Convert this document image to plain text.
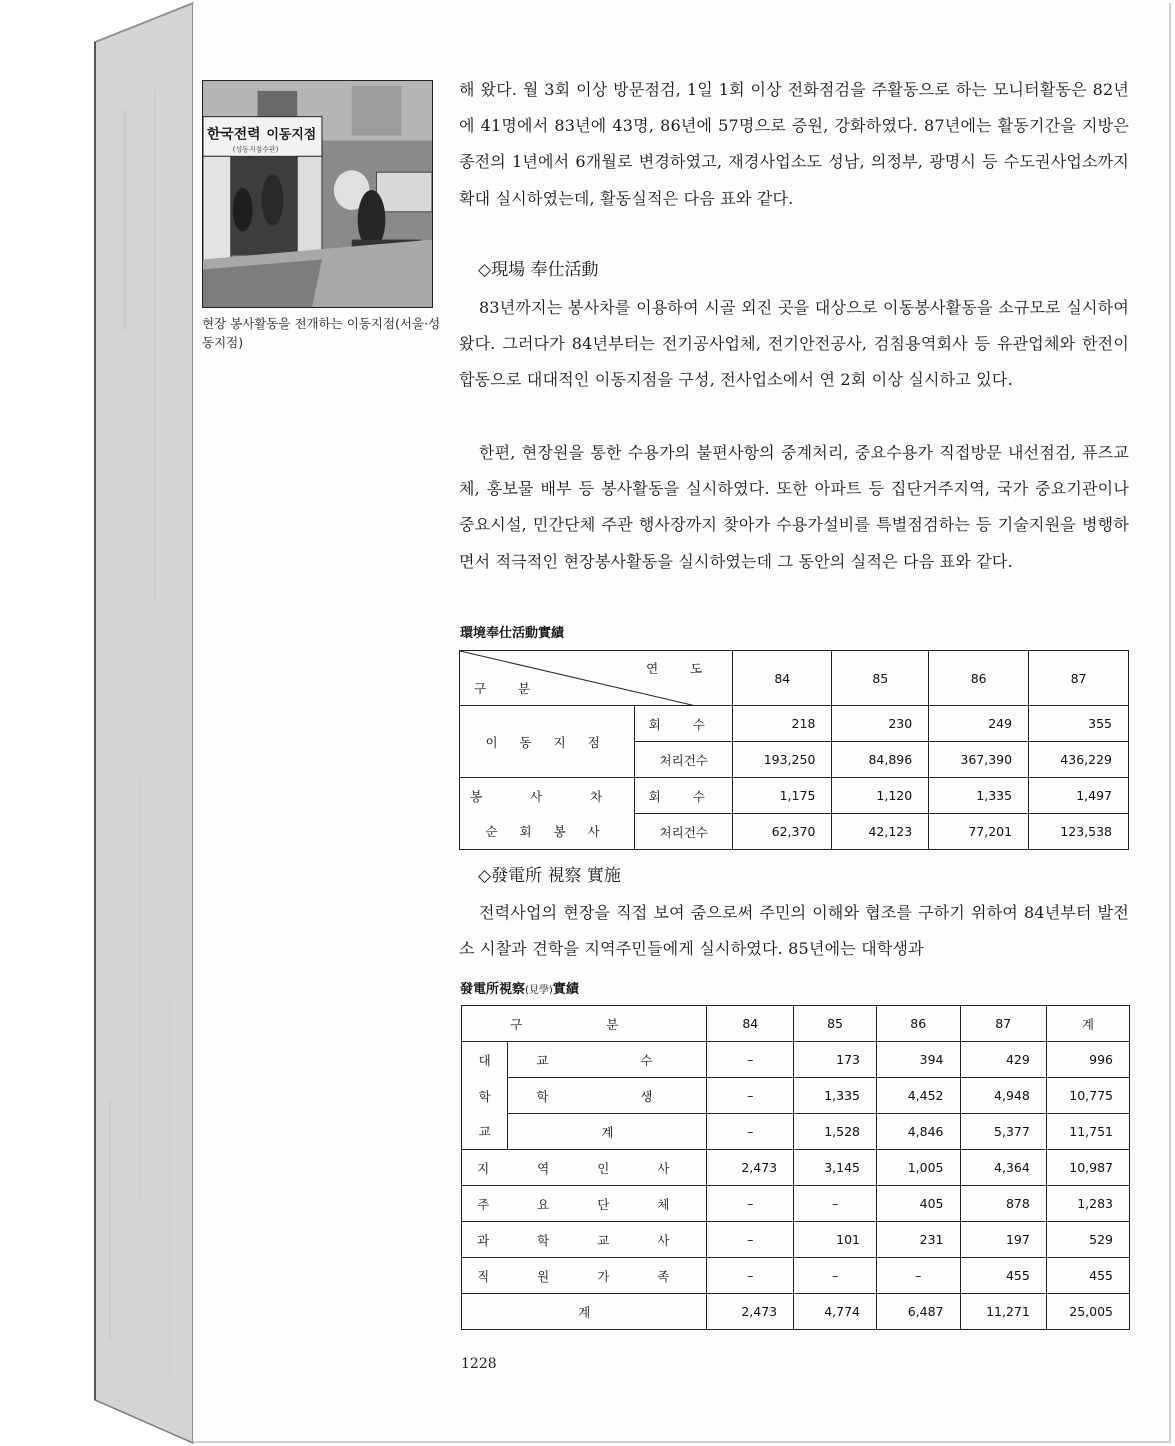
한국전력 이동지점
(성동지점수판)
현장 봉사활동을 전개하는 이동지점(서울·성동지점)

해 왔다. 월 3회 이상 방문점검, 1일 1회 이상 전화점검을 주활동으로 하는 모니터활동은 82년에 41명에서 83년에 43명, 86년에 57명으로 증원, 강화하였다. 87년에는 활동기간을 지방은 종전의 1년에서 6개월로 변경하였고, 재경사업소도 성남, 의정부, 광명시 등 수도권사업소까지 확대 실시하였는데, 활동실적은 다음 표와 같다.

◇現場 奉仕活動

83년까지는 봉사차를 이용하여 시골 외진 곳을 대상으로 이동봉사활동을 소규모로 실시하여 왔다. 그러다가 84년부터는 전기공사업체, 전기안전공사, 검침용역회사 등 유관업체와 한전이 합동으로 대대적인 이동지점을 구성, 전사업소에서 연 2회 이상 실시하고 있다.

한편, 현장원을 통한 수용가의 불편사항의 중계처리, 중요수용가 직접방문 내선점검, 퓨즈교체, 홍보물 배부 등 봉사활동을 실시하였다. 또한 아파트 등 집단거주지역, 국가 중요기관이나 중요시설, 민간단체 주관 행사장까지 찾아가 수용가설비를 특별점검하는 등 기술지원을 병행하면서 적극적인 현장봉사활동을 실시하였는데 그 동안의 실적은 다음 표와 같다.

環境奉仕活動實績
연 도
구 분		84	85	86	87
이 동 지 점	회 수	218	230	249	355
	처리건수	193,250	84,896	367,390	436,229
봉 사 차	회 수	1,175	1,120	1,335	1,497
순 회 봉 사	처리건수	62,370	42,123	77,201	123,538
◇發電所 視察 實施

전력사업의 현장을 직접 보여 줌으로써 주민의 이해와 협조를 구하기 위하여 84년부터 발전소 시찰과 견학을 지역주민들에게 실시하였다. 85년에는 대학생과

發電所視察(見學)實績
구 분		84	85	86	87	계
대	교 수	–	173	394	429	996
학	학 생	–	1,335	4,452	4,948	10,775
교	계	–	1,528	4,846	5,377	11,751
지 역 인 사		2,473	3,145	1,005	4,364	10,987
주 요 단 체		–	–	405	878	1,283
과 학 교 사		–	101	231	197	529
직 원 가 족		–	–	–	455	455
계		2,473	4,774	6,487	11,271	25,005
1228
